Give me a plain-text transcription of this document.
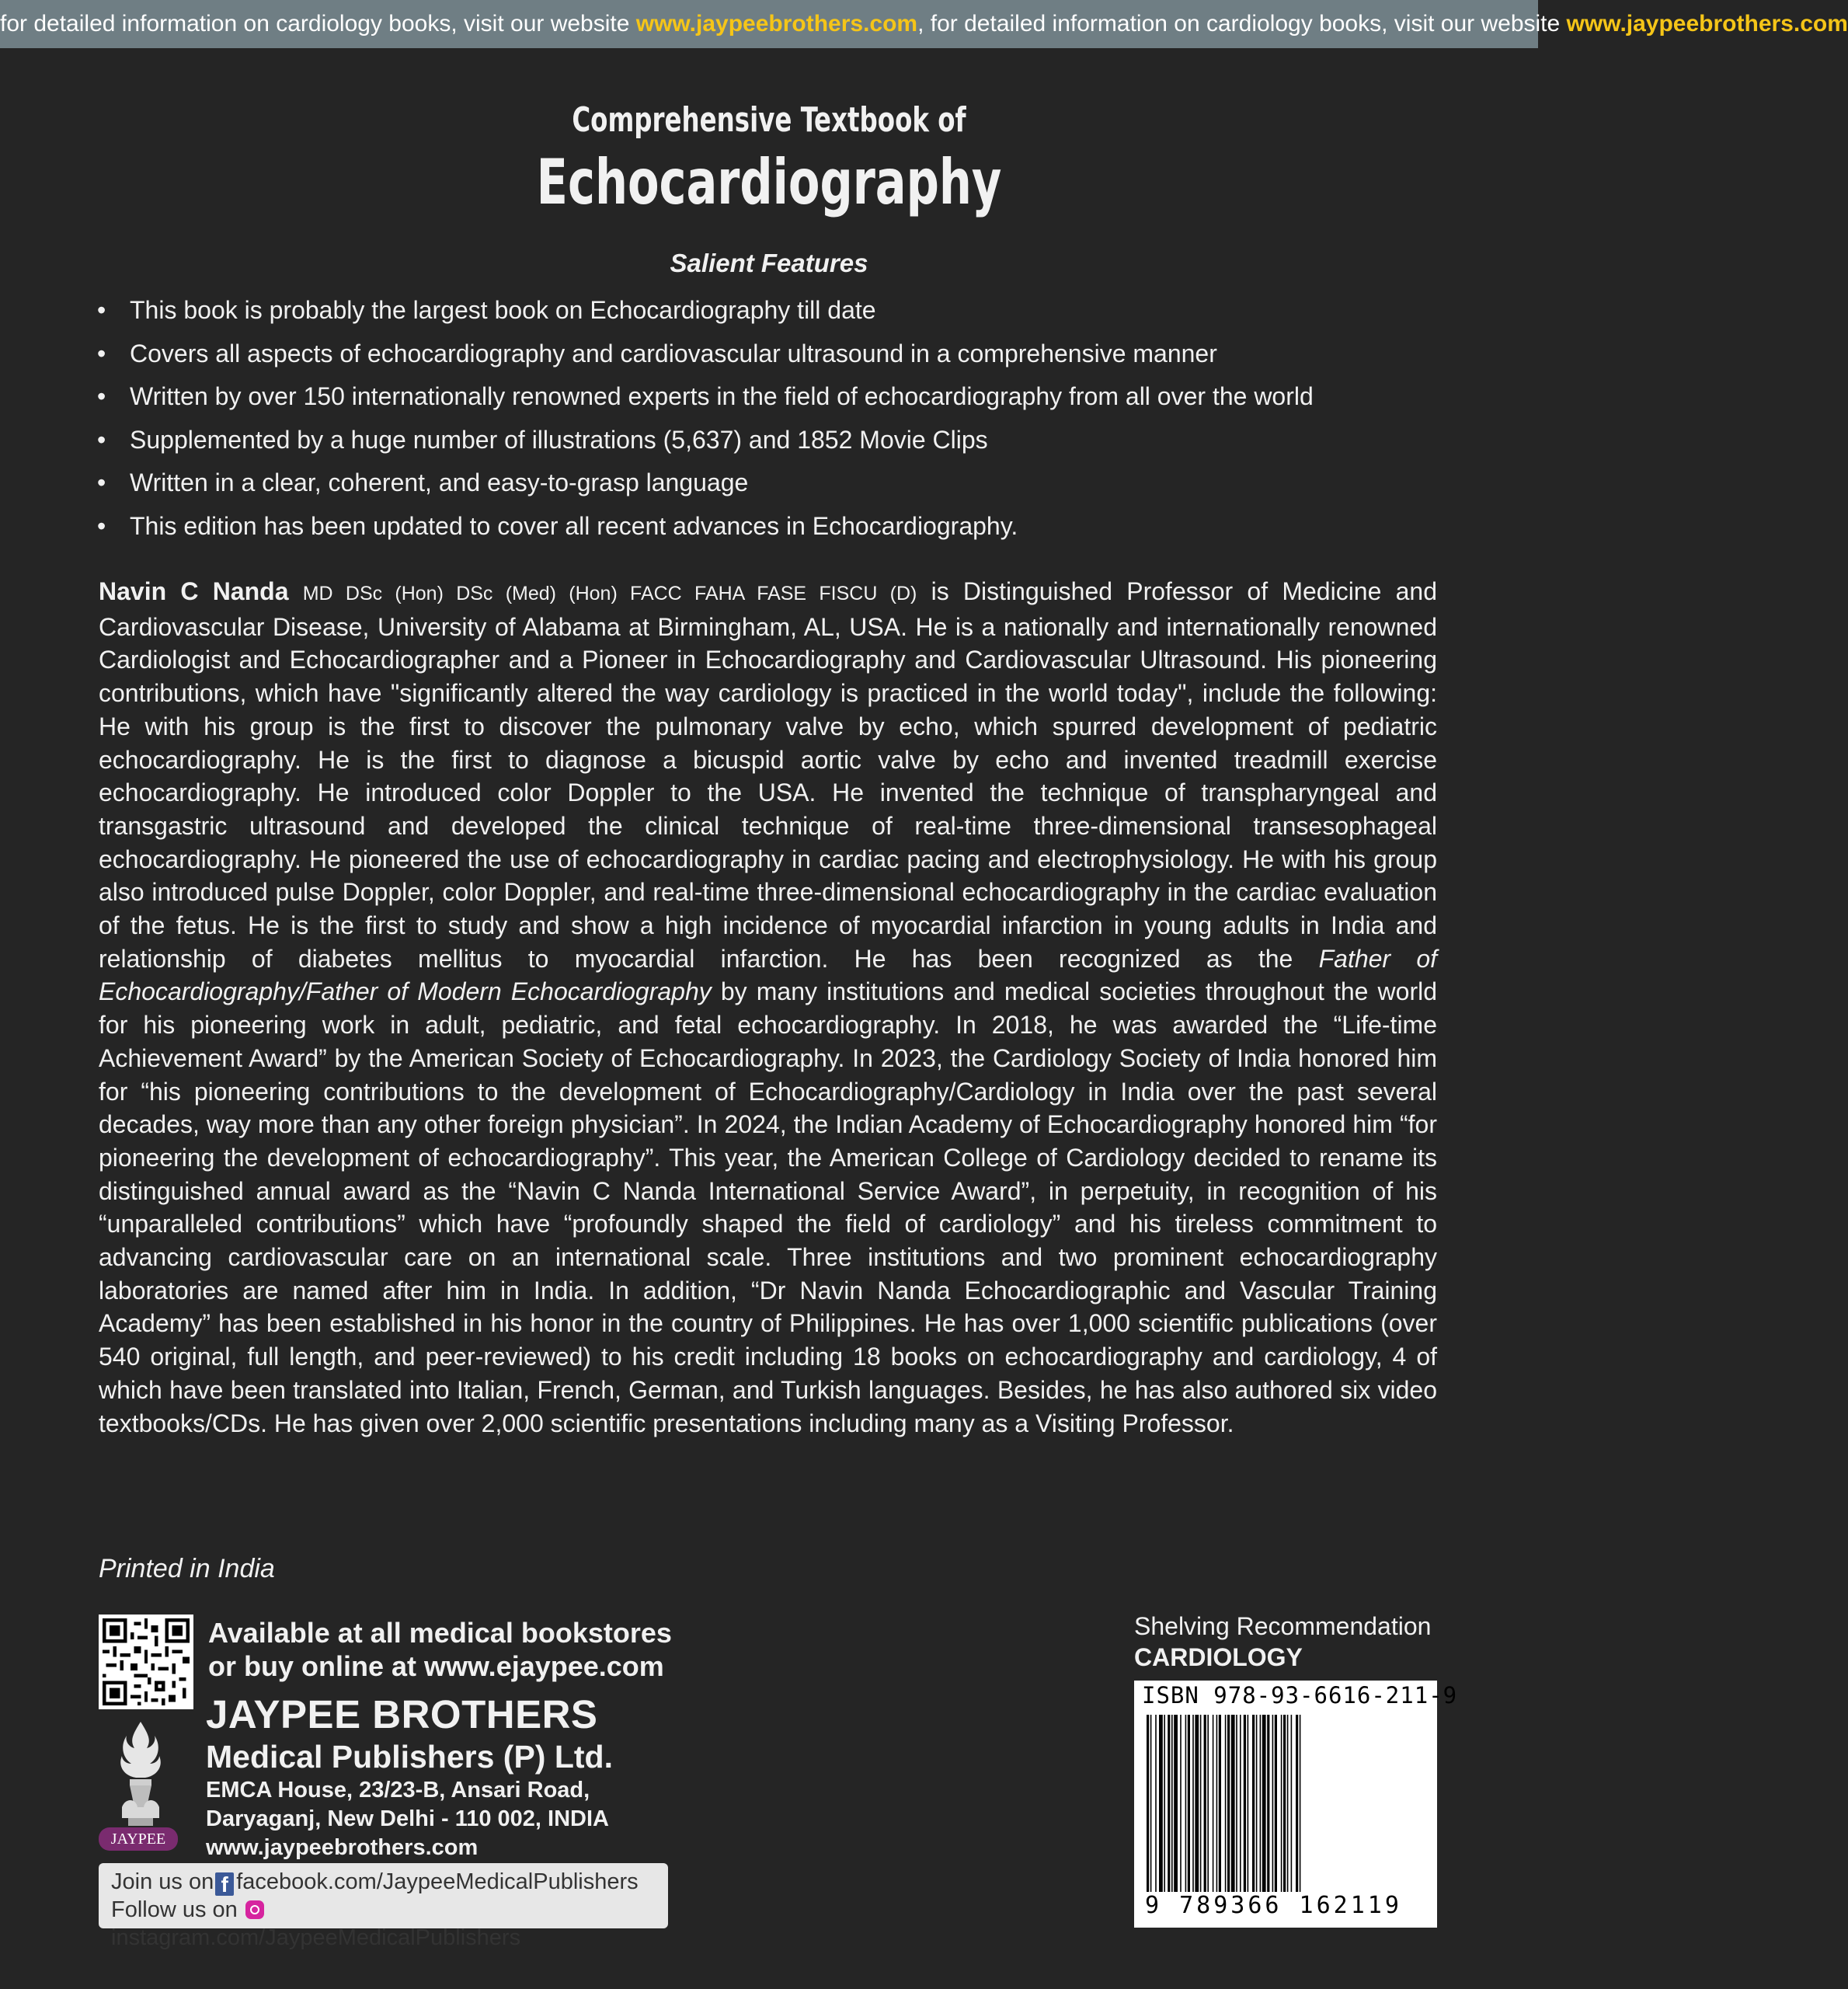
for detailed information on cardiology books, visit our website www.jaypeebrothers.com, for detailed information on cardiology books, visit our website www.jaypeebrothers.com
Comprehensive Textbook of
Echocardiography
Salient Features
• This book is probably the largest book on Echocardiography till date
• Covers all aspects of echocardiography and cardiovascular ultrasound in a comprehensive manner
• Written by over 150 internationally renowned experts in the field of echocardiography from all over the world
• Supplemented by a huge number of illustrations (5,637) and 1852 Movie Clips
• Written in a clear, coherent, and easy-to-grasp language
• This edition has been updated to cover all recent advances in Echocardiography.
Navin C Nanda MD DSc (Hon) DSc (Med) (Hon) FACC FAHA FASE FISCU (D) is Distinguished Professor of Medicine and Cardiovascular Disease, University of Alabama at Birmingham, AL, USA. He is a nationally and internationally renowned Cardiologist and Echocardiographer and a Pioneer in Echocardiography and Cardiovascular Ultrasound. His pioneering contributions, which have "significantly altered the way cardiology is practiced in the world today", include the following: He with his group is the first to discover the pulmonary valve by echo, which spurred development of pediatric echocardiography. He is the first to diagnose a bicuspid aortic valve by echo and invented treadmill exercise echocardiography. He introduced color Doppler to the USA. He invented the technique of transpharyngeal and transgastric ultrasound and developed the clinical technique of real-time three-dimensional transesophageal echocardiography. He pioneered the use of echocardiography in cardiac pacing and electrophysiology. He with his group also introduced pulse Doppler, color Doppler, and real-time three-dimensional echocardiography in the cardiac evaluation of the fetus. He is the first to study and show a high incidence of myocardial infarction in young adults in India and relationship of diabetes mellitus to myocardial infarction. He has been recognized as the Father of Echocardiography/Father of Modern Echocardiography by many institutions and medical societies throughout the world for his pioneering work in adult, pediatric, and fetal echocardiography. In 2018, he was awarded the “Life-time Achievement Award” by the American Society of Echocardiography. In 2023, the Cardiology Society of India honored him for “his pioneering contributions to the development of Echocardiography/Cardiology in India over the past several decades, way more than any other foreign physician”. In 2024, the Indian Academy of Echocardiography honored him “for pioneering the development of echocardiography”. This year, the American College of Cardiology decided to rename its distinguished annual award as the “Navin C Nanda International Service Award”, in perpetuity, in recognition of his “unparalleled contributions” which have “profoundly shaped the field of cardiology” and his tireless commitment to advancing cardiovascular care on an international scale. Three institutions and two prominent echocardiography laboratories are named after him in India. In addition, “Dr Navin Nanda Echocardiographic and Vascular Training Academy” has been established in his honor in the country of Philippines. He has over 1,000 scientific publications (over 540 original, full length, and peer-reviewed) to his credit including 18 books on echocardiography and cardiology, 4 of which have been translated into Italian, French, German, and Turkish languages. Besides, he has also authored six video textbooks/CDs. He has given over 2,000 scientific presentations including many as a Visiting Professor.
Printed in India
Available at all medical bookstores
or buy online at www.ejaypee.com
JAYPEE
JAYPEE BROTHERS
Medical Publishers (P) Ltd.
EMCA House, 23/23-B, Ansari Road,
Daryaganj, New Delhi - 110 002, INDIA
www.jaypeebrothers.com
Join us on f facebook.com/JaypeeMedicalPublishers
Follow us on instagram.com/JaypeeMedicalPublishers
Shelving Recommendation
CARDIOLOGY
ISBN 978-93-6616-211-9
9 789366 162119
